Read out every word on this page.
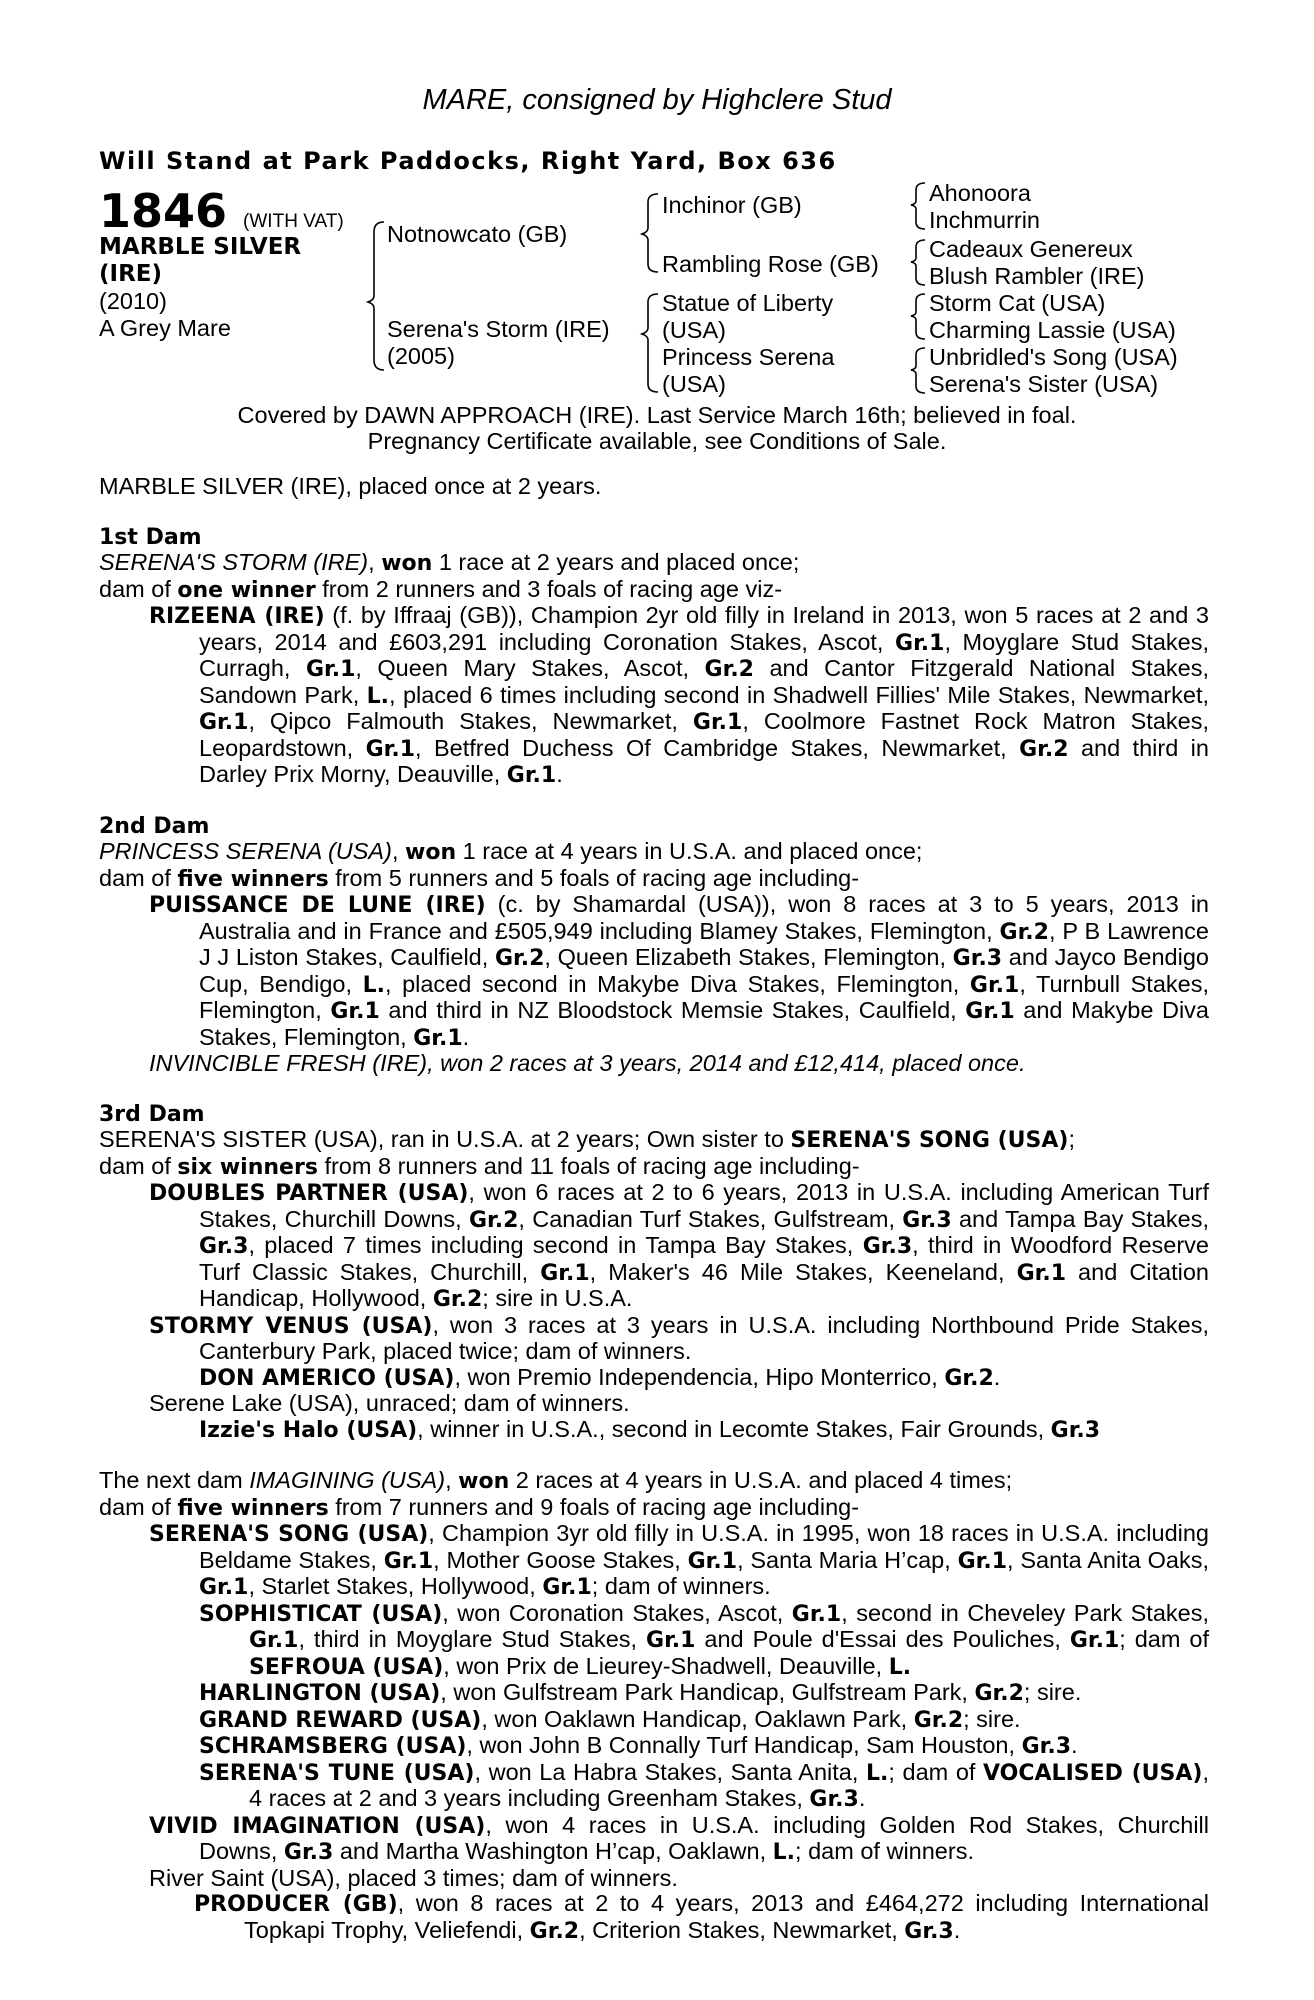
MARE, consigned by Highclere Stud
Will Stand at Park Paddocks, Right Yard, Box 636
1846 (WITH VAT)
MARBLE SILVER
(IRE)
(2010)
A Grey Mare
Notnowcato (GB)
Serena's Storm (IRE)
(2005)
Inchinor (GB)
Rambling Rose (GB)
Statue of Liberty
(USA)
Princess Serena
(USA)
Ahonoora
Inchmurrin
Cadeaux Genereux
Blush Rambler (IRE)
Storm Cat (USA)
Charming Lassie (USA)
Unbridled's Song (USA)
Serena's Sister (USA)
Covered by DAWN APPROACH (IRE). Last Service March 16th; believed in foal.
Pregnancy Certificate available, see Conditions of Sale.

MARBLE SILVER (IRE), placed once at 2 years.

1st Dam

SERENA'S STORM (IRE), won 1 race at 2 years and placed once;

dam of one winner from 2 runners and 3 foals of racing age viz-

RIZEENA (IRE) (f. by Iffraaj (GB)), Champion 2yr old filly in Ireland in 2013, won 5 races at 2 and 3 years, 2014 and £603,291 including Coronation Stakes, Ascot, Gr.1, Moyglare Stud Stakes, Curragh, Gr.1, Queen Mary Stakes, Ascot, Gr.2 and Cantor Fitzgerald National Stakes, Sandown Park, L., placed 6 times including second in Shadwell Fillies' Mile Stakes, Newmarket, Gr.1, Qipco Falmouth Stakes, Newmarket, Gr.1, Coolmore Fastnet Rock Matron Stakes, Leopardstown, Gr.1, Betfred Duchess Of Cambridge Stakes, Newmarket, Gr.2 and third in Darley Prix Morny, Deauville, Gr.1.

2nd Dam

PRINCESS SERENA (USA), won 1 race at 4 years in U.S.A. and placed once;

dam of five winners from 5 runners and 5 foals of racing age including-

PUISSANCE DE LUNE (IRE) (c. by Shamardal (USA)), won 8 races at 3 to 5 years, 2013 in Australia and in France and £505,949 including Blamey Stakes, Flemington, Gr.2, P B Lawrence J J Liston Stakes, Caulfield, Gr.2, Queen Elizabeth Stakes, Flemington, Gr.3 and Jayco Bendigo Cup, Bendigo, L., placed second in Makybe Diva Stakes, Flemington, Gr.1, Turnbull Stakes, Flemington, Gr.1 and third in NZ Bloodstock Memsie Stakes, Caulfield, Gr.1 and Makybe Diva Stakes, Flemington, Gr.1.

INVINCIBLE FRESH (IRE), won 2 races at 3 years, 2014 and £12,414, placed once.

3rd Dam

SERENA'S SISTER (USA), ran in U.S.A. at 2 years; Own sister to SERENA'S SONG (USA);

dam of six winners from 8 runners and 11 foals of racing age including-

DOUBLES PARTNER (USA), won 6 races at 2 to 6 years, 2013 in U.S.A. including American Turf Stakes, Churchill Downs, Gr.2, Canadian Turf Stakes, Gulfstream, Gr.3 and Tampa Bay Stakes, Gr.3, placed 7 times including second in Tampa Bay Stakes, Gr.3, third in Woodford Reserve Turf Classic Stakes, Churchill, Gr.1, Maker's 46 Mile Stakes, Keeneland, Gr.1 and Citation Handicap, Hollywood, Gr.2; sire in U.S.A.

STORMY VENUS (USA), won 3 races at 3 years in U.S.A. including Northbound Pride Stakes, Canterbury Park, placed twice; dam of winners.

DON AMERICO (USA), won Premio Independencia, Hipo Monterrico, Gr.2.

Serene Lake (USA), unraced; dam of winners.

Izzie's Halo (USA), winner in U.S.A., second in Lecomte Stakes, Fair Grounds, Gr.3

The next dam IMAGINING (USA), won 2 races at 4 years in U.S.A. and placed 4 times;

dam of five winners from 7 runners and 9 foals of racing age including-

SERENA'S SONG (USA), Champion 3yr old filly in U.S.A. in 1995, won 18 races in U.S.A. including Beldame Stakes, Gr.1, Mother Goose Stakes, Gr.1, Santa Maria H’cap, Gr.1, Santa Anita Oaks, Gr.1, Starlet Stakes, Hollywood, Gr.1; dam of winners.

SOPHISTICAT (USA), won Coronation Stakes, Ascot, Gr.1, second in Cheveley Park Stakes, Gr.1, third in Moyglare Stud Stakes, Gr.1 and Poule d'Essai des Pouliches, Gr.1; dam of SEFROUA (USA), won Prix de Lieurey-Shadwell, Deauville, L.

HARLINGTON (USA), won Gulfstream Park Handicap, Gulfstream Park, Gr.2; sire.

GRAND REWARD (USA), won Oaklawn Handicap, Oaklawn Park, Gr.2; sire.

SCHRAMSBERG (USA), won John B Connally Turf Handicap, Sam Houston, Gr.3.

SERENA'S TUNE (USA), won La Habra Stakes, Santa Anita, L.; dam of VOCALISED (USA), 4 races at 2 and 3 years including Greenham Stakes, Gr.3.

VIVID IMAGINATION (USA), won 4 races in U.S.A. including Golden Rod Stakes, Churchill Downs, Gr.3 and Martha Washington H’cap, Oaklawn, L.; dam of winners.

River Saint (USA), placed 3 times; dam of winners.

PRODUCER (GB), won 8 races at 2 to 4 years, 2013 and £464,272 including International Topkapi Trophy, Veliefendi, Gr.2, Criterion Stakes, Newmarket, Gr.3.
